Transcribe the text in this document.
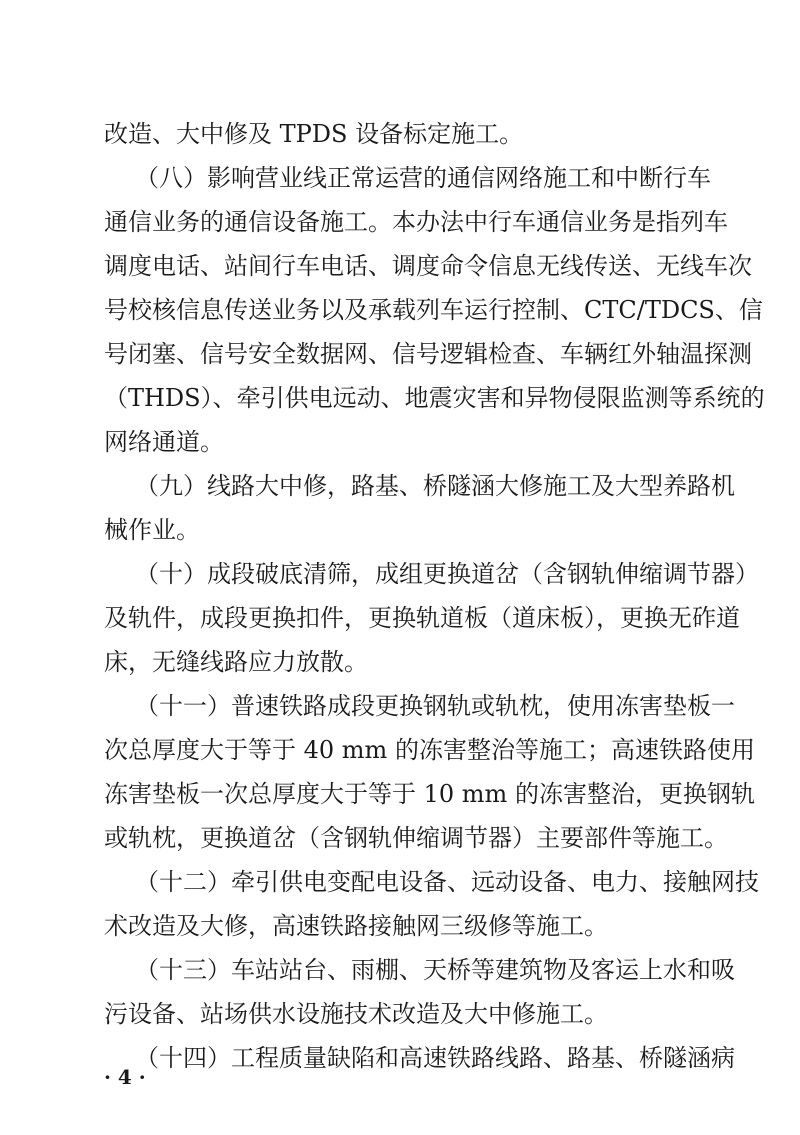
改造、大中修及 TPDS 设备标定施工。
（八）影响营业线正常运营的通信网络施工和中断行车
通信业务的通信设备施工。本办法中行车通信业务是指列车
调度电话、站间行车电话、调度命令信息无线传送、无线车次
号校核信息传送业务以及承载列车运行控制、CTC/TDCS、信
号闭塞、信号安全数据网、信号逻辑检查、车辆红外轴温探测
（THDS）、牵引供电远动、地震灾害和异物侵限监测等系统的
网络通道。
（九）线路大中修，路基、桥隧涵大修施工及大型养路机
械作业。
（十）成段破底清筛，成组更换道岔（含钢轨伸缩调节器）
及轨件，成段更换扣件，更换轨道板（道床板），更换无砟道
床，无缝线路应力放散。
（十一）普速铁路成段更换钢轨或轨枕，使用冻害垫板一
次总厚度大于等于 40 mm 的冻害整治等施工；高速铁路使用
冻害垫板一次总厚度大于等于 10 mm 的冻害整治，更换钢轨
或轨枕，更换道岔（含钢轨伸缩调节器）主要部件等施工。
（十二）牵引供电变配电设备、远动设备、电力、接触网技
术改造及大修，高速铁路接触网三级修等施工。
（十三）车站站台、雨棚、天桥等建筑物及客运上水和吸
污设备、站场供水设施技术改造及大中修施工。
（十四）工程质量缺陷和高速铁路线路、路基、桥隧涵病
· 4 ·
